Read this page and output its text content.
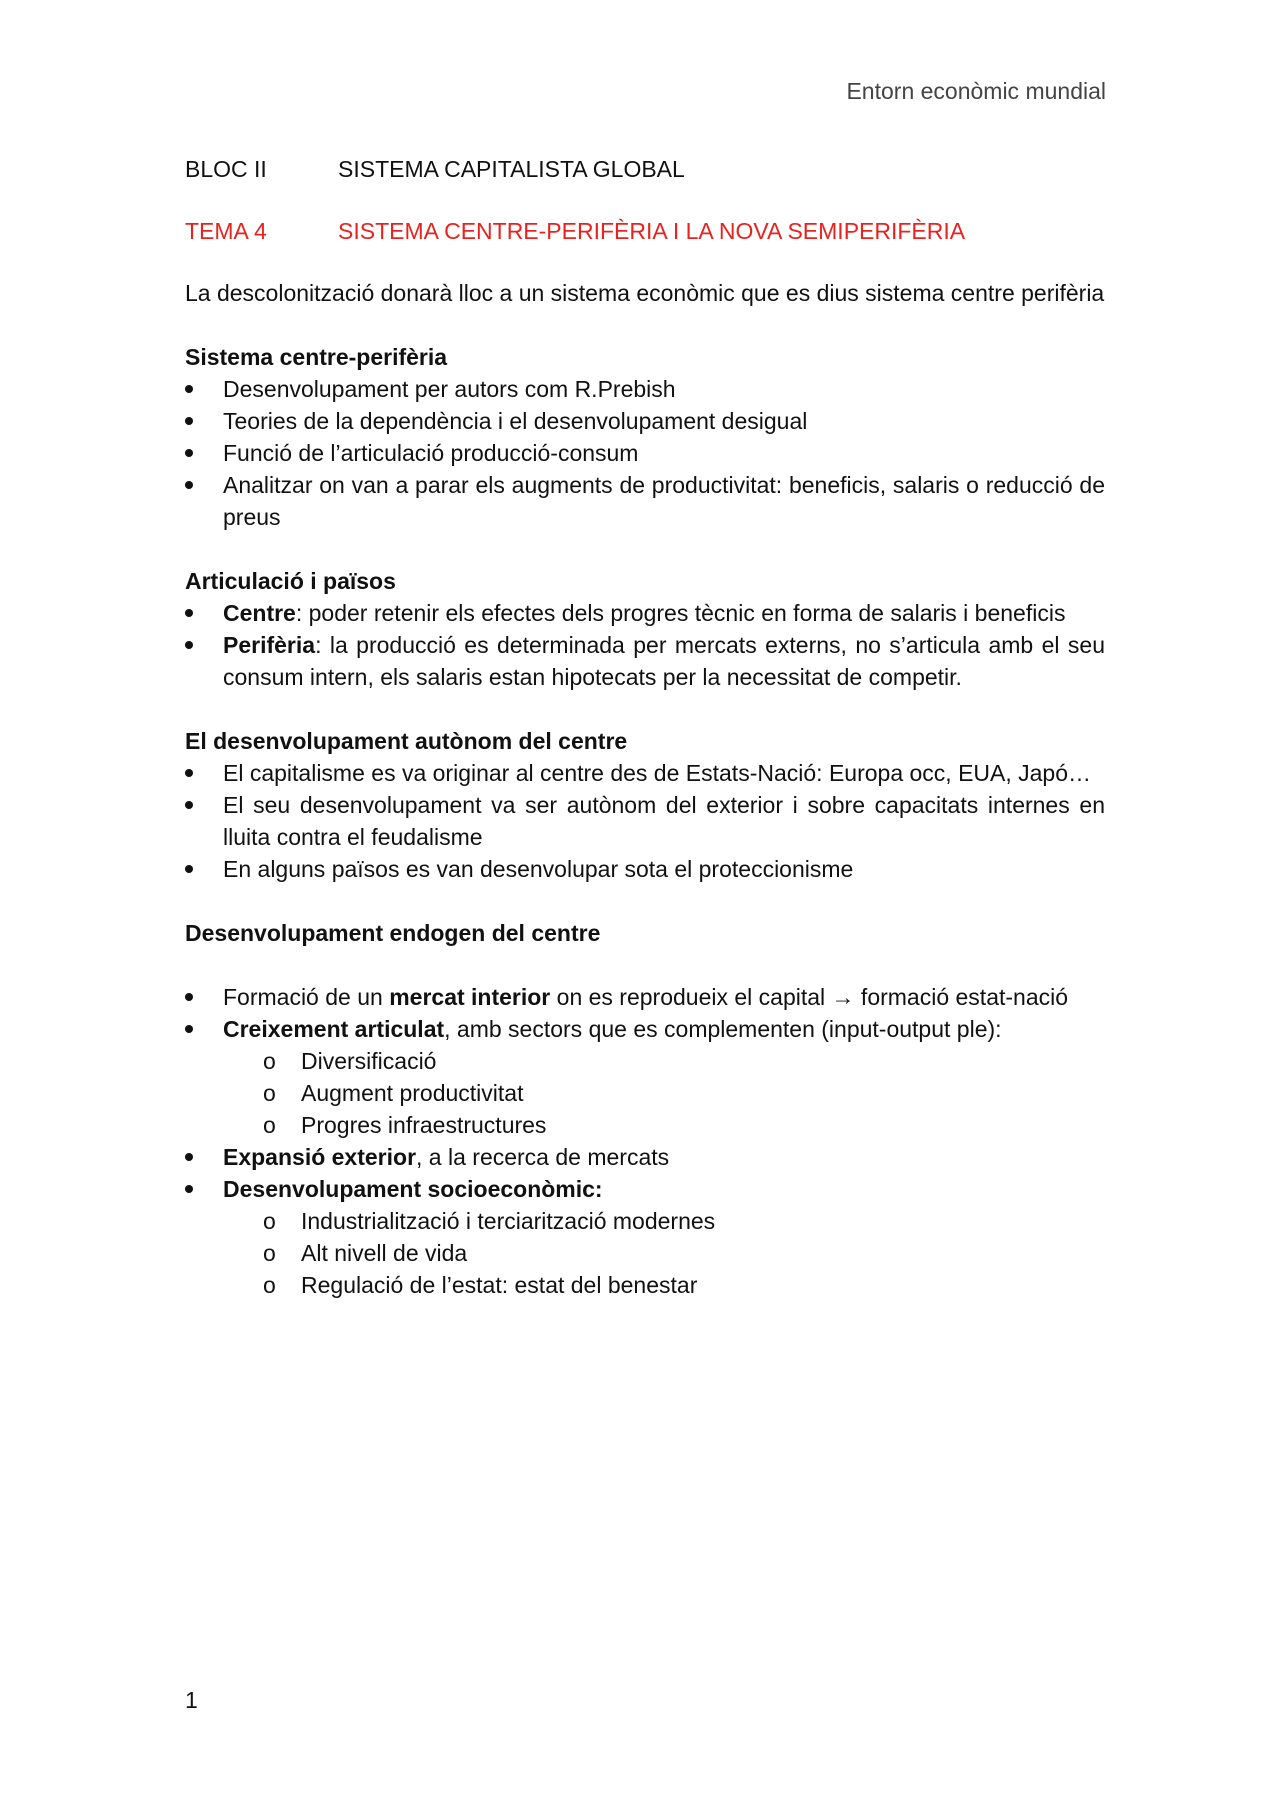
Entorn econòmic mundial
BLOC II	SISTEMA CAPITALISTA GLOBAL
TEMA 4	SISTEMA CENTRE-PERIFÈRIA I LA NOVA SEMIPERIFÈRIA
La descolonització donarà lloc a un sistema econòmic que es dius sistema centre perifèria
Sistema centre-perifèria
Desenvolupament per autors com R.Prebish
Teories de la dependència i el desenvolupament desigual
Funció de l’articulació producció-consum
Analitzar on van a parar els augments de productivitat: beneficis, salaris o reducció de preus
Articulació i països
Centre: poder retenir els efectes dels progres tècnic en forma de salaris i beneficis
Perifèria: la producció es determinada per mercats externs, no s’articula amb el seu consum intern, els salaris estan hipotecats per la necessitat de competir.
El desenvolupament autònom del centre
El capitalisme es va originar al centre des de Estats-Nació: Europa occ, EUA, Japó…
El seu desenvolupament va ser autònom del exterior i sobre capacitats internes en lluita contra el feudalisme
En alguns països es van desenvolupar sota el proteccionisme
Desenvolupament endogen del centre
Formació de un mercat interior on es reprodueix el capital → formació estat-nació
Creixement articulat, amb sectors que es complementen (input-output ple):
o	Diversificació
o	Augment productivitat
o	Progres infraestructures
Expansió exterior, a la recerca de mercats
Desenvolupament socioeconòmic:
o	Industrialització i terciarització modernes
o	Alt nivell de vida
o	Regulació de l’estat: estat del benestar
1
